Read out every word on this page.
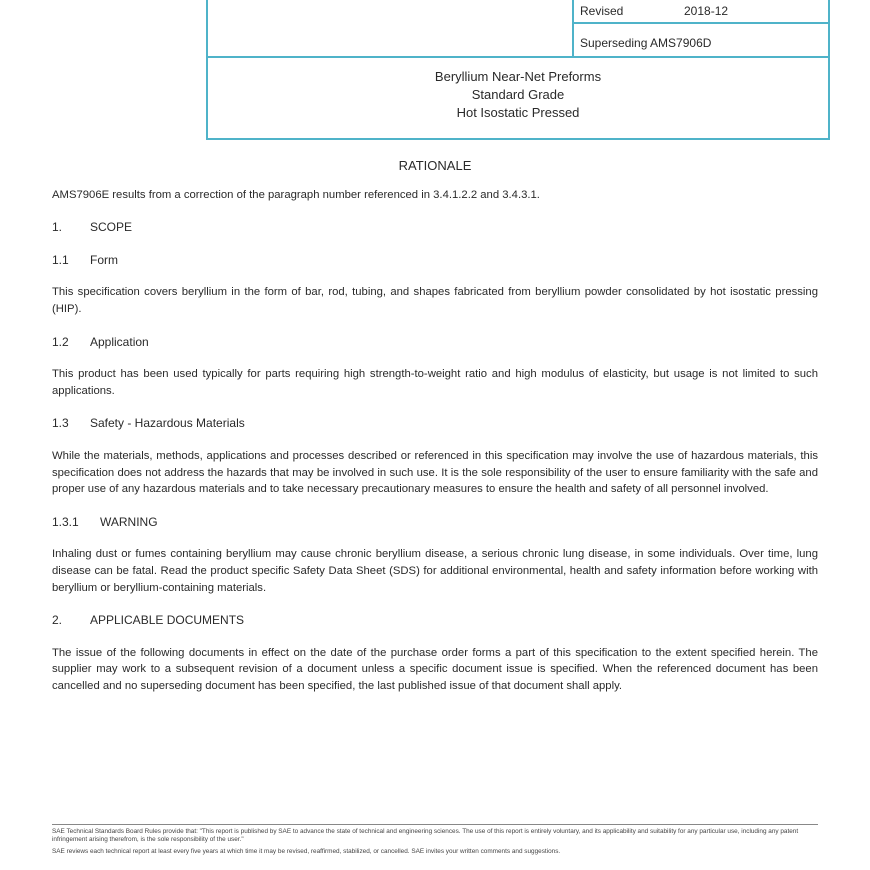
Revised	2018-12
Superseding AMS7906D
Beryllium Near-Net Preforms
Standard Grade
Hot Isostatic Pressed
RATIONALE

AMS7906E results from a correction of the paragraph number referenced in 3.4.1.2.2 and 3.4.3.1.

1. SCOPE
1.1 Form

This specification covers beryllium in the form of bar, rod, tubing, and shapes fabricated from beryllium powder consolidated by hot isostatic pressing (HIP).

1.2 Application

This product has been used typically for parts requiring high strength-to-weight ratio and high modulus of elasticity, but usage is not limited to such applications.

1.3 Safety - Hazardous Materials

While the materials, methods, applications and processes described or referenced in this specification may involve the use of hazardous materials, this specification does not address the hazards that may be involved in such use. It is the sole responsibility of the user to ensure familiarity with the safe and proper use of any hazardous materials and to take necessary precautionary measures to ensure the health and safety of all personnel involved.

1.3.1 WARNING

Inhaling dust or fumes containing beryllium may cause chronic beryllium disease, a serious chronic lung disease, in some individuals. Over time, lung disease can be fatal. Read the product specific Safety Data Sheet (SDS) for additional environmental, health and safety information before working with beryllium or beryllium-containing materials.

2. APPLICABLE DOCUMENTS

The issue of the following documents in effect on the date of the purchase order forms a part of this specification to the extent specified herein. The supplier may work to a subsequent revision of a document unless a specific document issue is specified. When the referenced document has been cancelled and no superseding document has been specified, the last published issue of that document shall apply.

SAE Technical Standards Board Rules provide that: "This report is published by SAE to advance the state of technical and engineering sciences. The use of this report is entirely voluntary, and its applicability and suitability for any particular use, including any patent infringement arising therefrom, is the sole responsibility of the user."
SAE reviews each technical report at least every five years at which time it may be revised, reaffirmed, stabilized, or cancelled. SAE invites your written comments and suggestions.
